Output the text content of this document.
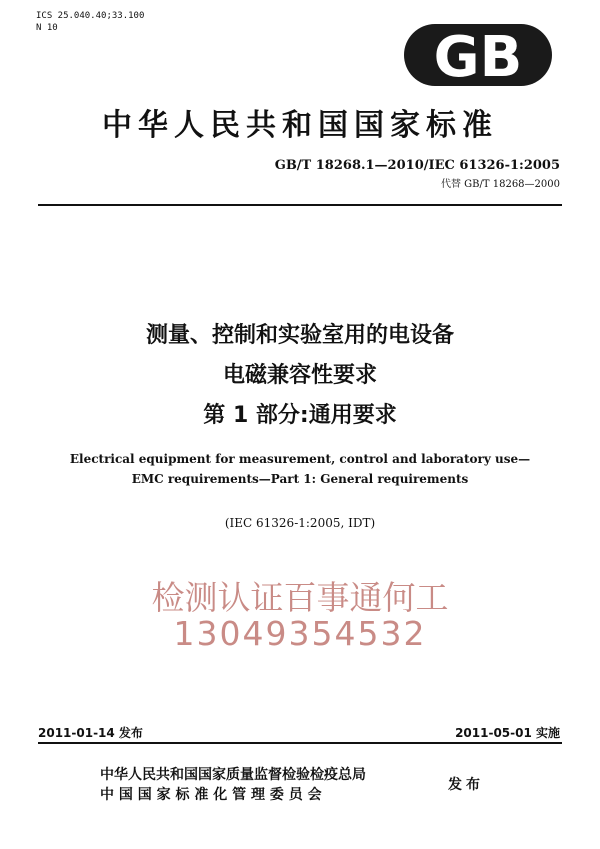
ICS 25.040.40;33.100
N 10	GB
中华人民共和国国家标准
GB/T 18268.1—2010/IEC 61326-1:2005
代替 GB/T 18268—2000
测量、控制和实验室用的电设备
电磁兼容性要求
第 1 部分:通用要求
Electrical equipment for measurement, control and laboratory use—
EMC requirements—Part 1: General requirements
(IEC 61326-1:2005, IDT)
检测认证百事通何工
13049354532
2011-01-14 发布	2011-05-01 实施
中华人民共和国国家质量监督检验检疫总局
中 国 国 家 标 准 化 管 理 委 员 会
发布
